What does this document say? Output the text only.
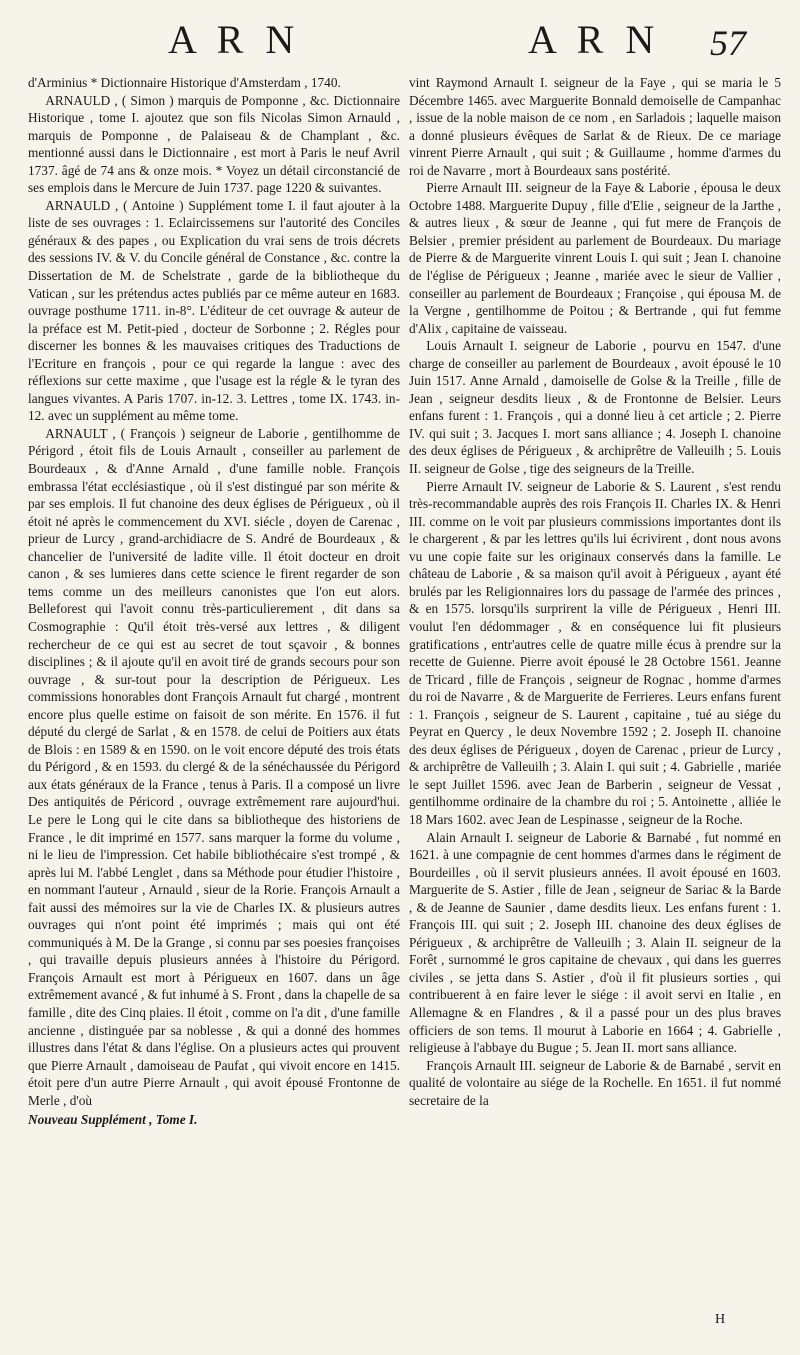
A R N	A R N 57

d'Arminius * Dictionnaire Historique d'Amsterdam , 1740.

ARNAULD , ( Simon ) marquis de Pomponne , &c. Dictionnaire Historique , tome I. ajoutez que son fils Nicolas Simon Arnauld , marquis de Pomponne , de Palaiseau & de Champlant , &c. mentionné aussi dans le Dictionnaire , est mort à Paris le neuf Avril 1737. âgé de 74 ans & onze mois. * Voyez un détail circonstancié de ses emplois dans le Mercure de Juin 1737. page 1220 & suivantes.

ARNAULD , ( Antoine ) Supplément tome I. il faut ajouter à la liste de ses ouvrages : 1. Eclaircissemens sur l'autorité des Conciles généraux & des papes , ou Explication du vrai sens de trois décrets des sessions IV. & V. du Concile général de Constance , &c. contre la Dissertation de M. de Schelstrate , garde de la bibliotheque du Vatican , sur les prétendus actes publiés par ce même auteur en 1683. ouvrage posthume 1711. in-8°. L'éditeur de cet ouvrage & auteur de la préface est M. Petit-pied , docteur de Sorbonne ; 2. Régles pour discerner les bonnes & les mauvaises critiques des Traductions de l'Ecriture en françois , pour ce qui regarde la langue : avec des réflexions sur cette maxime , que l'usage est la régle & le tyran des langues vivantes. A Paris 1707. in-12. 3. Lettres , tome IX. 1743. in-12. avec un supplément au même tome.

ARNAULT , ( François ) seigneur de Laborie , gentilhomme de Périgord , étoit fils de Louis Arnault , conseiller au parlement de Bourdeaux , & d'Anne Arnald , d'une famille noble. François embrassa l'état ecclésiastique , où il s'est distingué par son mérite & par ses emplois. Il fut chanoine des deux églises de Périgueux , où il étoit né après le commencement du XVI. siécle , doyen de Carenac , prieur de Lurcy , grand-archidiacre de S. André de Bourdeaux , & chancelier de l'université de ladite ville. Il étoit docteur en droit canon , & ses lumieres dans cette science le firent regarder de son tems comme un des meilleurs canonistes que l'on eut alors. Belleforest qui l'avoit connu très-particulierement , dit dans sa Cosmographie : Qu'il étoit très-versé aux lettres , & diligent rechercheur de ce qui est au secret de tout sçavoir , & bonnes disciplines ; & il ajoute qu'il en avoit tiré de grands secours pour son ouvrage , & sur-tout pour la description de Périgueux. Les commissions honorables dont François Arnault fut chargé , montrent encore plus quelle estime on faisoit de son mérite. En 1576. il fut député du clergé de Sarlat , & en 1578. de celui de Poitiers aux états de Blois : en 1589 & en 1590. on le voit encore député des trois états du Périgord , & en 1593. du clergé & de la sénéchaussée du Périgord aux états généraux de la France , tenus à Paris. Il a composé un livre Des antiquités de Péricord , ouvrage extrêmement rare aujourd'hui. Le pere le Long qui le cite dans sa bibliotheque des historiens de France , le dit imprimé en 1577. sans marquer la forme du volume , ni le lieu de l'impression. Cet habile bibliothécaire s'est trompé , & après lui M. l'abbé Lenglet , dans sa Méthode pour étudier l'histoire , en nommant l'auteur , Arnauld , sieur de la Rorie. François Arnault a fait aussi des mémoires sur la vie de Charles IX. & plusieurs autres ouvrages qui n'ont point été imprimés ; mais qui ont été communiqués à M. De la Grange , si connu par ses poesies françoises , qui travaille depuis plusieurs années à l'histoire du Périgord. François Arnault est mort à Périgueux en 1607. dans un âge extrêmement avancé , & fut inhumé à S. Front , dans la chapelle de sa famille , dite des Cinq plaies. Il étoit , comme on l'a dit , d'une famille ancienne , distinguée par sa noblesse , & qui a donné des hommes illustres dans l'état & dans l'église. On a plusieurs actes qui prouvent que Pierre Arnault , damoiseau de Paufat , qui vivoit encore en 1415. étoit pere d'un autre Pierre Arnault , qui avoit épousé Frontonne de Merle , d'où

Nouveau Supplément , Tome I.

vint Raymond Arnault I. seigneur de la Faye , qui se maria le 5 Décembre 1465. avec Marguerite Bonnald demoiselle de Campanhac , issue de la noble maison de ce nom , en Sarladois ; laquelle maison a donné plusieurs évêques de Sarlat & de Rieux. De ce mariage vinrent Pierre Arnault , qui suit ; & Guillaume , homme d'armes du roi de Navarre , mort à Bourdeaux sans postérité.

Pierre Arnault III. seigneur de la Faye & Laborie , épousa le deux Octobre 1488. Marguerite Dupuy , fille d'Elie , seigneur de la Jarthe , & autres lieux , & sœur de Jeanne , qui fut mere de François de Belsier , premier président au parlement de Bourdeaux. Du mariage de Pierre & de Marguerite vinrent Louis I. qui suit ; Jean I. chanoine de l'église de Périgueux ; Jeanne , mariée avec le sieur de Vallier , conseiller au parlement de Bourdeaux ; Françoise , qui épousa M. de la Vergne , gentilhomme de Poitou ; & Bertrande , qui fut femme d'Alix , capitaine de vaisseau.

Louis Arnault I. seigneur de Laborie , pourvu en 1547. d'une charge de conseiller au parlement de Bourdeaux , avoit épousé le 10 Juin 1517. Anne Arnald , damoiselle de Golse & la Treille , fille de Jean , seigneur desdits lieux , & de Frontonne de Belsier. Leurs enfans furent : 1. François , qui a donné lieu à cet article ; 2. Pierre IV. qui suit ; 3. Jacques I. mort sans alliance ; 4. Joseph I. chanoine des deux églises de Périgueux , & archiprêtre de Valleuilh ; 5. Louis II. seigneur de Golse , tige des seigneurs de la Treille.

Pierre Arnault IV. seigneur de Laborie & S. Laurent , s'est rendu très-recommandable auprès des rois François II. Charles IX. & Henri III. comme on le voit par plusieurs commissions importantes dont ils le chargerent , & par les lettres qu'ils lui écrivirent , dont nous avons vu une copie faite sur les originaux conservés dans la famille. Le château de Laborie , & sa maison qu'il avoit à Périgueux , ayant été brulés par les Religionnaires lors du passage de l'armée des princes , & en 1575. lorsqu'ils surprirent la ville de Périgueux , Henri III. voulut l'en dédommager , & en conséquence lui fit plusieurs gratifications , entr'autres celle de quatre mille écus à prendre sur la recette de Guienne. Pierre avoit épousé le 28 Octobre 1561. Jeanne de Tricard , fille de François , seigneur de Rognac , homme d'armes du roi de Navarre , & de Marguerite de Ferrieres. Leurs enfans furent : 1. François , seigneur de S. Laurent , capitaine , tué au siége du Peyrat en Quercy , le deux Novembre 1592 ; 2. Joseph II. chanoine des deux églises de Périgueux , doyen de Carenac , prieur de Lurcy , & archiprêtre de Valleuilh ; 3. Alain I. qui suit ; 4. Gabrielle , mariée le sept Juillet 1596. avec Jean de Barberin , seigneur de Vessat , gentilhomme ordinaire de la chambre du roi ; 5. Antoinette , alliée le 18 Mars 1602. avec Jean de Lespinasse , seigneur de la Roche.

Alain Arnault I. seigneur de Laborie & Barnabé , fut nommé en 1621. à une compagnie de cent hommes d'armes dans le régiment de Bourdeilles , où il servit plusieurs années. Il avoit épousé en 1603. Marguerite de S. Astier , fille de Jean , seigneur de Sariac & la Barde , & de Jeanne de Saunier , dame desdits lieux. Les enfans furent : 1. François III. qui suit ; 2. Joseph III. chanoine des deux églises de Périgueux , & archiprêtre de Valleuilh ; 3. Alain II. seigneur de la Forêt , surnommé le gros capitaine de chevaux , qui dans les guerres civiles , se jetta dans S. Astier , d'où il fit plusieurs sorties , qui contribuerent à en faire lever le siége : il avoit servi en Italie , en Allemagne & en Flandres , & il a passé pour un des plus braves officiers de son tems. Il mourut à Laborie en 1664 ; 4. Gabrielle , religieuse à l'abbaye du Bugue ; 5. Jean II. mort sans alliance.

François Arnault III. seigneur de Laborie & de Barnabé , servit en qualité de volontaire au siége de la Rochelle. En 1651. il fut nommé secretaire de la

H
